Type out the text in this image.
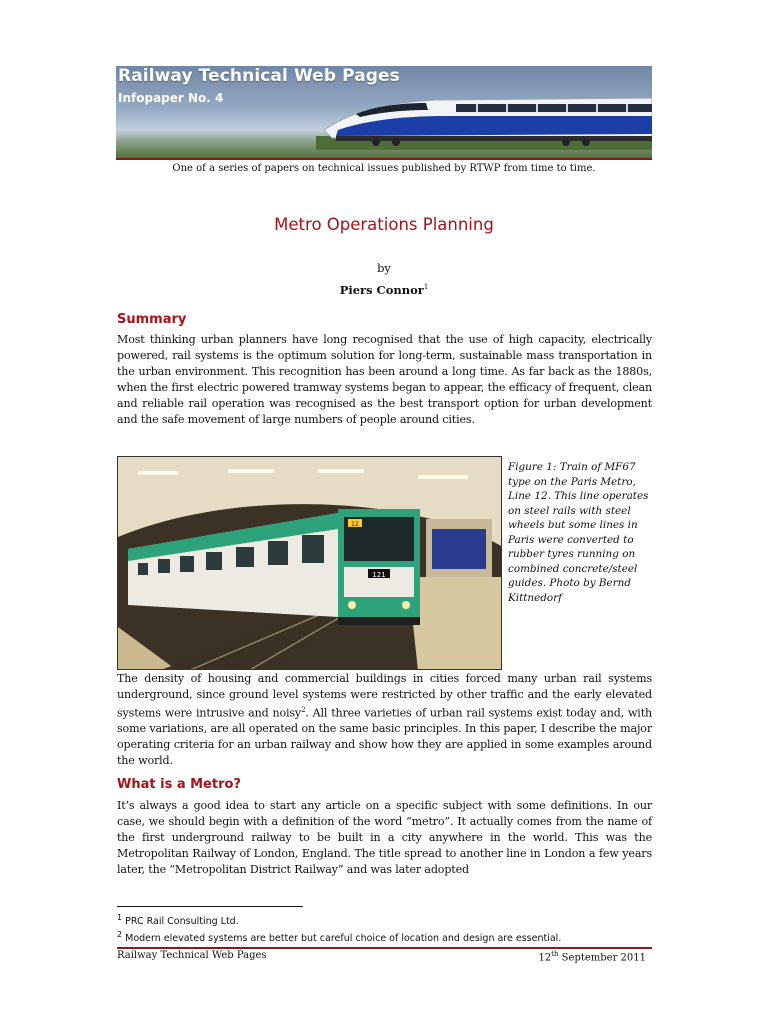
Railway Technical Web Pages
Infopaper No. 4
One of a series of papers on technical issues published by RTWP from time to time.
Metro Operations Planning
by
Piers Connor$^1$
Summary
Most thinking urban planners have long recognised that the use of high capacity, electrically powered, rail systems is the optimum solution for long-term, sustainable mass transportation in the urban environment. This recognition has been around a long time. As far back as the 1880s, when the first electric powered tramway systems began to appear, the efficacy of frequent, clean and reliable rail operation was recognised as the best transport option for urban development and the safe movement of large numbers of people around cities.
121
12
Figure 1: Train of MF67 type on the Paris Metro, Line 12. This line operates on steel rails with steel wheels but some lines in Paris were converted to rubber tyres running on combined concrete/steel guides. Photo by Bernd Kittnedorf
The density of housing and commercial buildings in cities forced many urban rail systems underground, since ground level systems were restricted by other traffic and the early elevated systems were intrusive and noisy$^2$. All three varieties of urban rail systems exist today and, with some variations, are all operated on the same basic principles. In this paper, I describe the major operating criteria for an urban railway and show how they are applied in some examples around the world.
What is a Metro?
It’s always a good idea to start any article on a specific subject with some definitions. In our case, we should begin with a definition of the word “metro”. It actually comes from the name of the first underground railway to be built in a city anywhere in the world. This was the Metropolitan Railway of London, England. The title spread to another line in London a few years later, the “Metropolitan District Railway” and was later adopted
$^1$ PRC Rail Consulting Ltd.
$^2$ Modern elevated systems are better but careful choice of location and design are essential.
Railway Technical Web Pages	12th September 2011
